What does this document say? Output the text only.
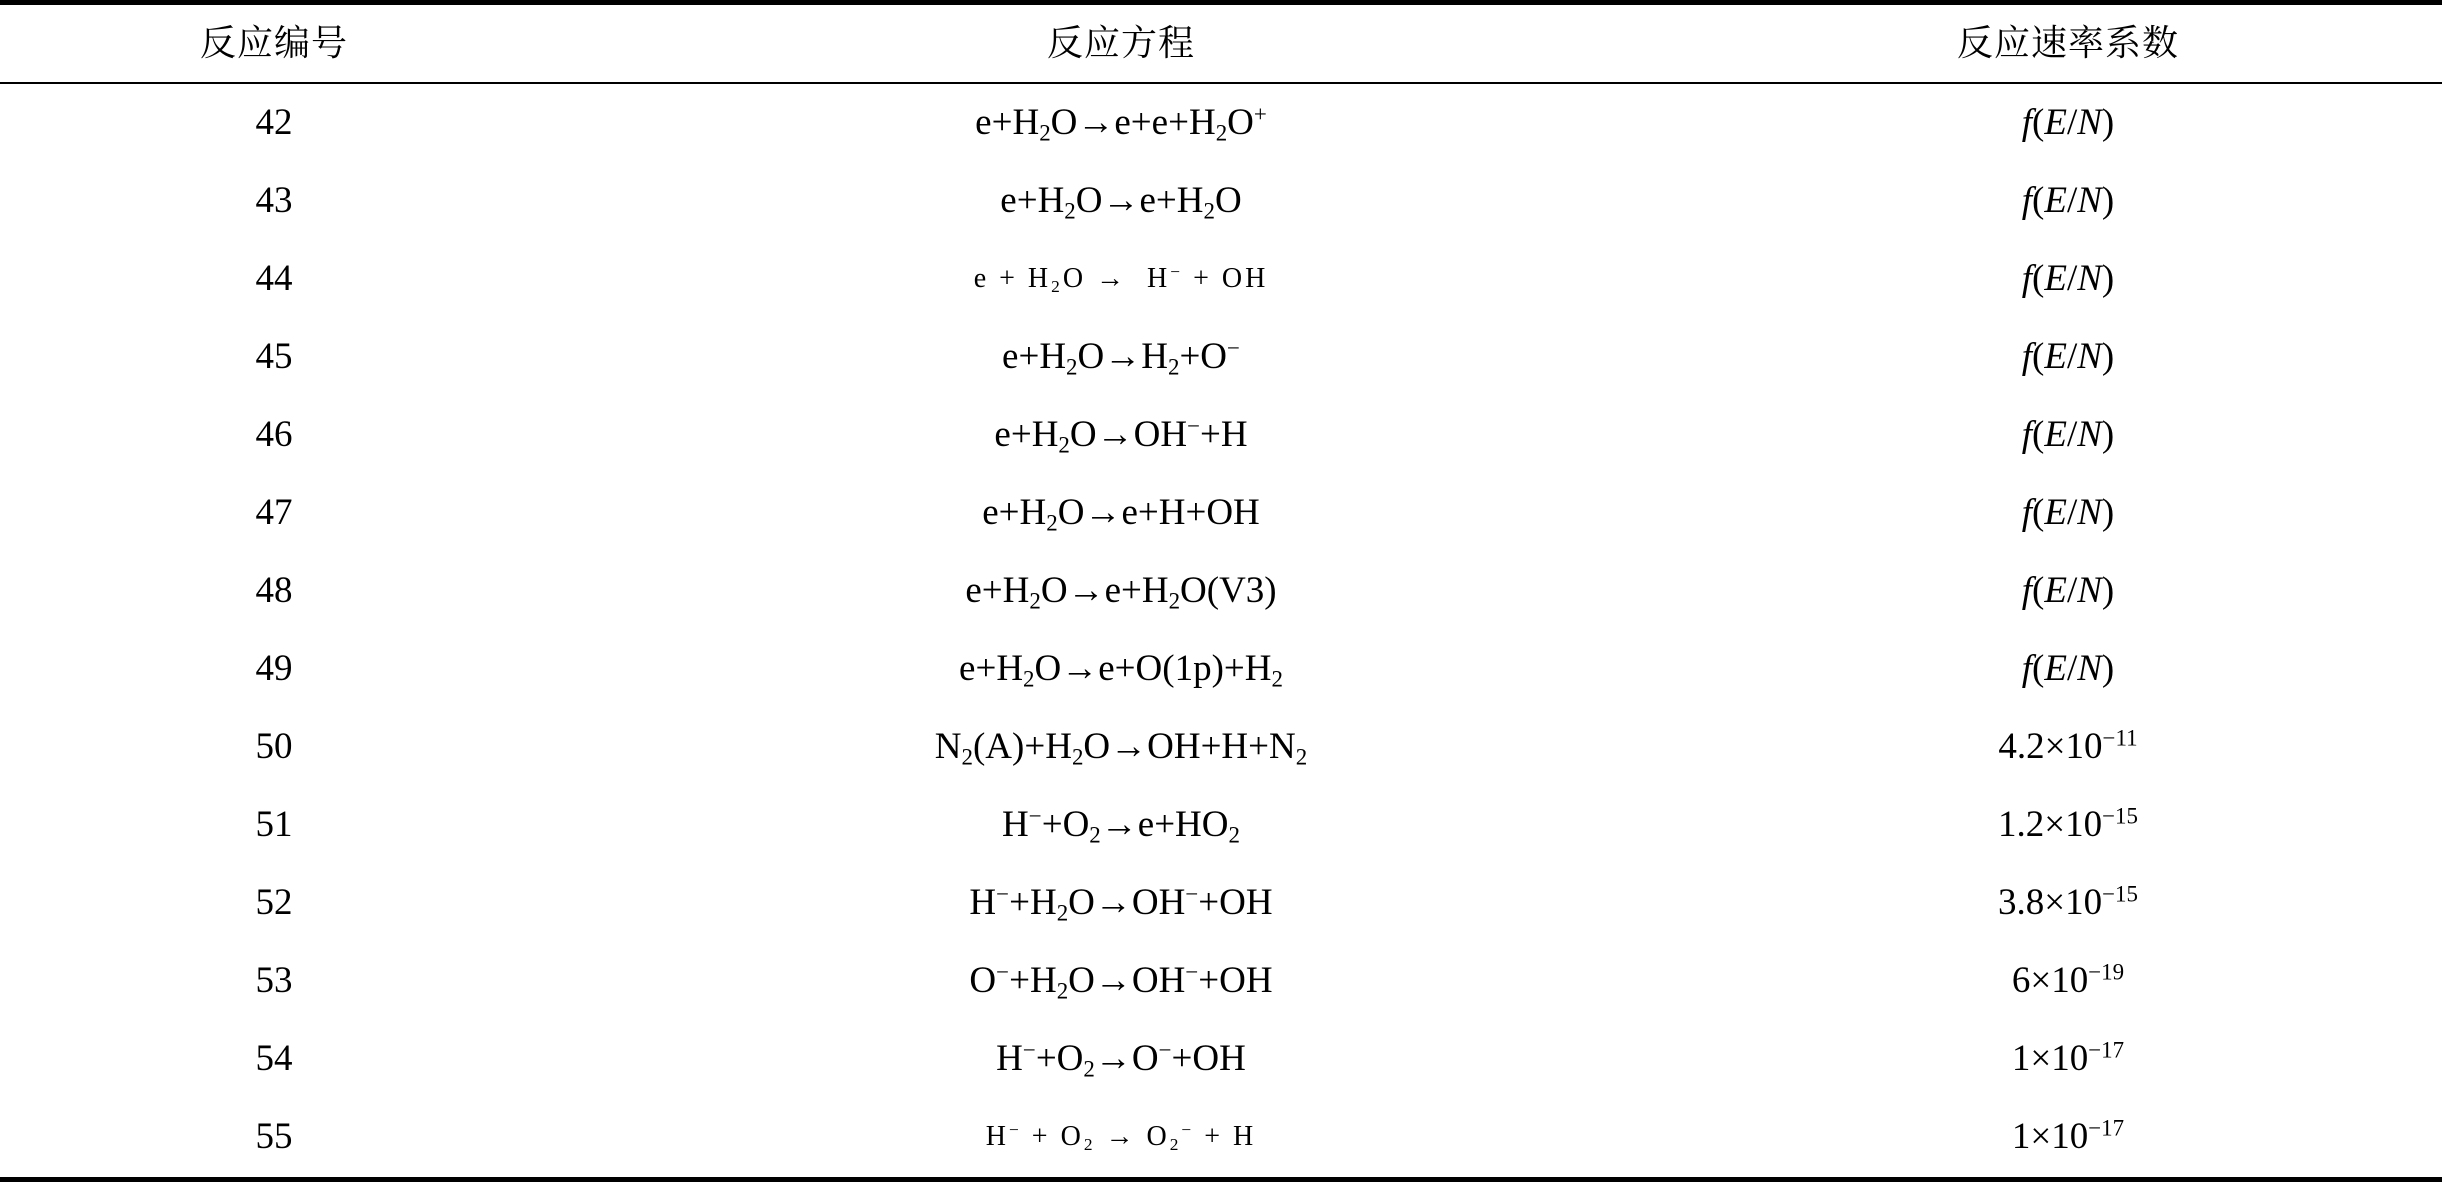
反应编号	反应方程	反应速率系数
42	$e+H_2O\to e+e+H_2O^+$	f(E/N)
43	$e+H_2O\to e+H_2O$	f(E/N)
44	$e + H_2O \to H^-$ + OH	f(E/N)
45	$e+H_2O\to H_2+O^-$	f(E/N)
46	$e+H_2O\to OH^-+H$	f(E/N)
47	$e+H_2O\to e+H+OH$	f(E/N)
48	$e+H_2O\to e+H_2O(V3)$	f(E/N)
49	$e+H_2O\to e+O(1p)+H_2$	f(E/N)
50	$N_2(A)+H_2O\to OH+H+N_2$	$4.2\times 10^{-11}$
51	$H^-+O_2\to e+HO_2$	$1.2\times 10^{-15}$
52	$H^-+H_2O\to OH^-+OH$	$3.8\times 10^{-15}$
53	$O^-+H_2O\to OH^-+OH$	$6\times 10^{-19}$
54	$H^-+O_2\to O^-+OH$	$1\times 10^{-17}$
55	$H^- + O_2 \to O_2^- + H$	$1\times 10^{-17}$
